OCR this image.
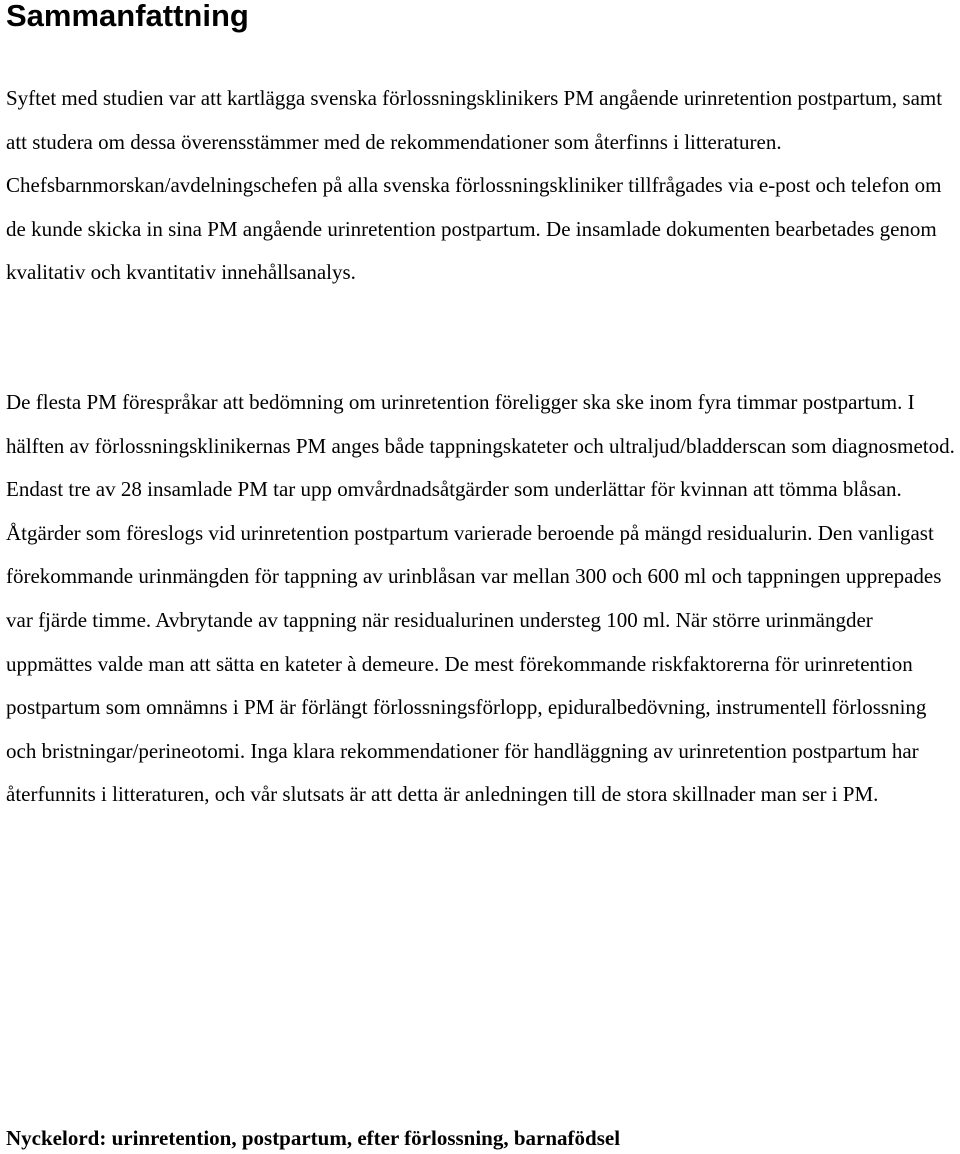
Sammanfattning

Syftet med studien var att kartlägga svenska förlossningsklinikers PM angående urinretention postpartum, samt att studera om dessa överensstämmer med de rekommendationer som återfinns i litteraturen. Chefsbarnmorskan/avdelningschefen på alla svenska förlossningskliniker tillfrågades via e-post och telefon om de kunde skicka in sina PM angående urinretention postpartum. De insamlade dokumenten bearbetades genom kvalitativ och kvantitativ innehållsanalys.

De flesta PM förespråkar att bedömning om urinretention föreligger ska ske inom fyra timmar postpartum. I hälften av förlossningsklinikernas PM anges både tappningskateter och ultraljud/bladderscan som diagnosmetod. Endast tre av 28 insamlade PM tar upp omvårdnadsåtgärder som underlättar för kvinnan att tömma blåsan. Åtgärder som föreslogs vid urinretention postpartum varierade beroende på mängd residualurin. Den vanligast förekommande urinmängden för tappning av urinblåsan var mellan 300 och 600 ml och tappningen upprepades var fjärde timme. Avbrytande av tappning när residualurinen understeg 100 ml. När större urinmängder uppmättes valde man att sätta en kateter à demeure. De mest förekommande riskfaktorerna för urinretention postpartum som omnämns i PM är förlängt förlossningsförlopp, epiduralbedövning, instrumentell förlossning och bristningar/perineotomi. Inga klara rekommendationer för handläggning av urinretention postpartum har återfunnits i litteraturen, och vår slutsats är att detta är anledningen till de stora skillnader man ser i PM.

Nyckelord: urinretention, postpartum, efter förlossning, barnafödsel
